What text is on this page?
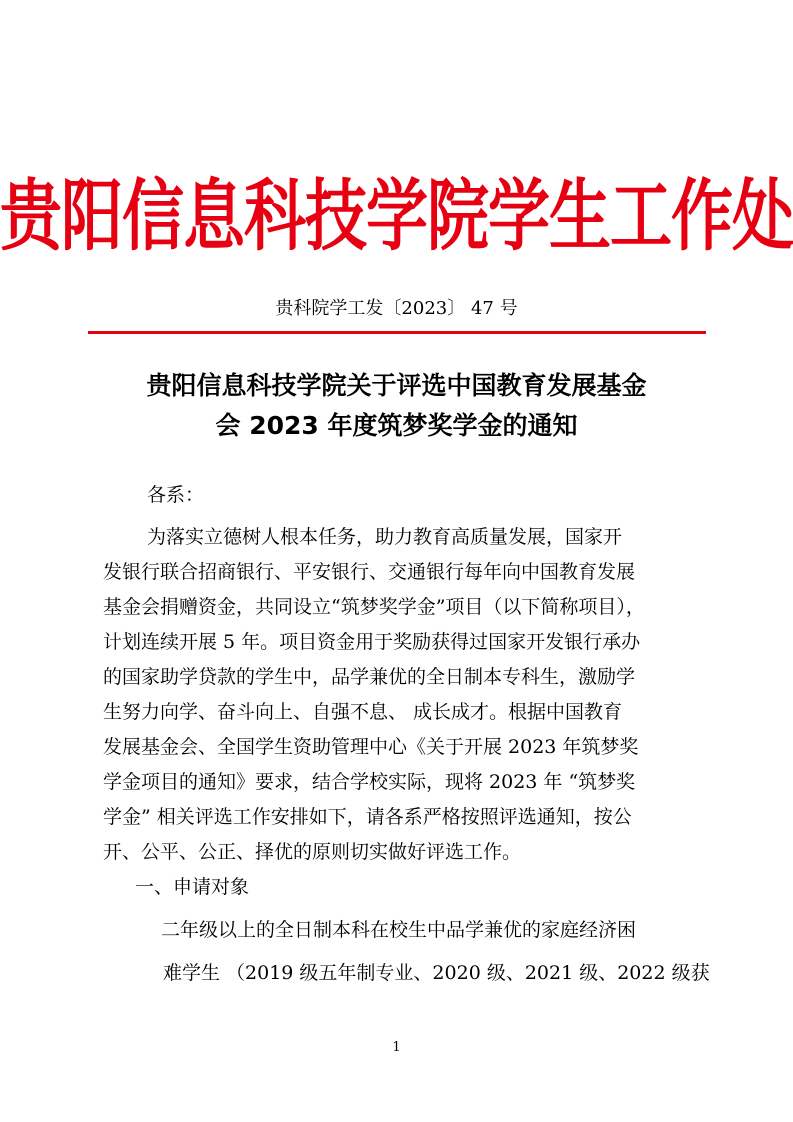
贵阳信息科技学院学生工作处
贵科院学工发〔2023〕 47 号
贵阳信息科技学院关于评选中国教育发展基金
会 2023 年度筑梦奖学金的通知
各系：
为落实立德树人根本任务，助力教育高质量发展，国家开
发银行联合招商银行、平安银行、交通银行每年向中国教育发展
基金会捐赠资金，共同设立“筑梦奖学金”项目（以下简称项目），
计划连续开展 5 年。项目资金用于奖励获得过国家开发银行承办
的国家助学贷款的学生中，品学兼优的全日制本专科生，激励学
生努力向学、奋斗向上、自强不息、 成长成才。根据中国教育
发展基金会、全国学生资助管理中心《关于开展 2023 年筑梦奖
学金项目的通知》要求，结合学校实际，现将 2023 年 “筑梦奖
学金” 相关评选工作安排如下，请各系严格按照评选通知，按公
开、公平、公正、择优的原则切实做好评选工作。
一、申请对象
二年级以上的全日制本科在校生中品学兼优的家庭经济困
难学生 （2019 级五年制专业、2020 级、2021 级、2022 级获
1
